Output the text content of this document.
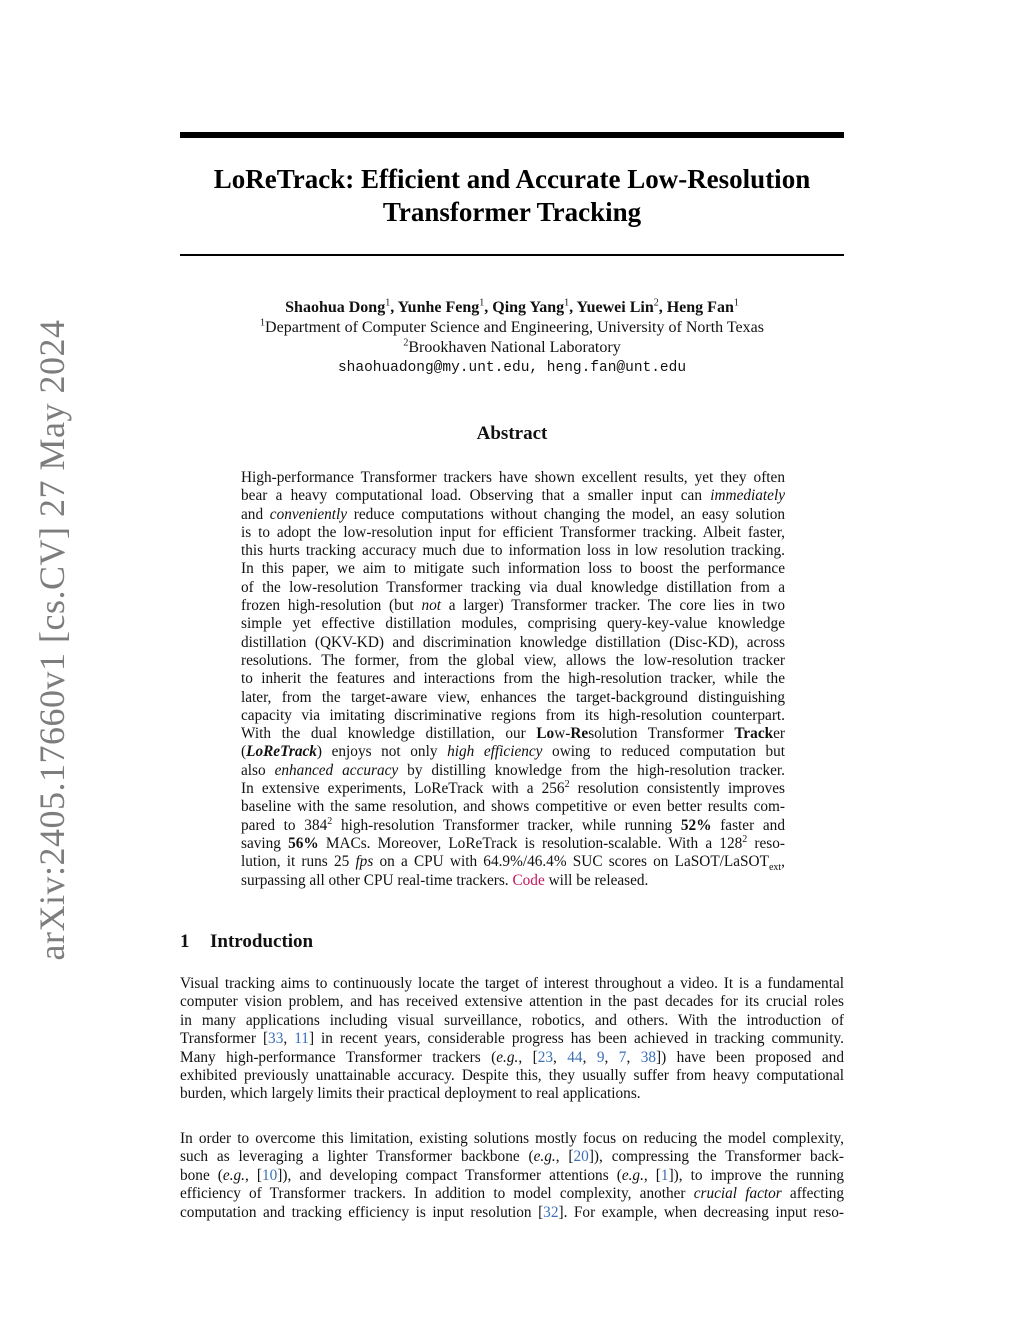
arXiv:2405.17660v1 [cs.CV] 27 May 2024
LoReTrack: Efficient and Accurate Low-Resolution
Transformer Tracking
Shaohua Dong$^1$, Yunhe Feng$^1$, Qing Yang$^1$, Yuewei Lin$^2$, Heng Fan$^1$
$^1$Department of Computer Science and Engineering, University of North Texas
$^2$Brookhaven National Laboratory
shaohuadong@my.unt.edu, heng.fan@unt.edu
Abstract
High-performance Transformer trackers have shown excellent results, yet they often
bear a heavy computational load. Observing that a smaller input can immediately
and conveniently reduce computations without changing the model, an easy solution
is to adopt the low-resolution input for efficient Transformer tracking. Albeit faster,
this hurts tracking accuracy much due to information loss in low resolution tracking.
In this paper, we aim to mitigate such information loss to boost the performance
of the low-resolution Transformer tracking via dual knowledge distillation from a
frozen high-resolution (but not a larger) Transformer tracker. The core lies in two
simple yet effective distillation modules, comprising query-key-value knowledge
distillation (QKV-KD) and discrimination knowledge distillation (Disc-KD), across
resolutions. The former, from the global view, allows the low-resolution tracker
to inherit the features and interactions from the high-resolution tracker, while the
later, from the target-aware view, enhances the target-background distinguishing
capacity via imitating discriminative regions from its high-resolution counterpart.
With the dual knowledge distillation, our Low-Resolution Transformer Tracker
(LoReTrack) enjoys not only high efficiency owing to reduced computation but
also enhanced accuracy by distilling knowledge from the high-resolution tracker.
In extensive experiments, LoReTrack with a $256^2$ resolution consistently improves
baseline with the same resolution, and shows competitive or even better results com-
pared to $384^2$ high-resolution Transformer tracker, while running 52% faster and
saving 56% MACs. Moreover, LoReTrack is resolution-scalable. With a $128^2$ reso-
lution, it runs 25 fps on a CPU with 64.9%/46.4% SUC scores on LaSOT/LaSOT$_{ext}$,
surpassing all other CPU real-time trackers. Code will be released.
1 Introduction
Visual tracking aims to continuously locate the target of interest throughout a video. It is a fundamental
computer vision problem, and has received extensive attention in the past decades for its crucial roles
in many applications including visual surveillance, robotics, and others. With the introduction of
Transformer [33, 11] in recent years, considerable progress has been achieved in tracking community.
Many high-performance Transformer trackers (e.g., [23, 44, 9, 7, 38]) have been proposed and
exhibited previously unattainable accuracy. Despite this, they usually suffer from heavy computational
burden, which largely limits their practical deployment to real applications.
In order to overcome this limitation, existing solutions mostly focus on reducing the model complexity,
such as leveraging a lighter Transformer backbone (e.g., [20]), compressing the Transformer back-
bone (e.g., [10]), and developing compact Transformer attentions (e.g., [1]), to improve the running
efficiency of Transformer trackers. In addition to model complexity, another crucial factor affecting
computation and tracking efficiency is input resolution [32]. For example, when decreasing input reso-
